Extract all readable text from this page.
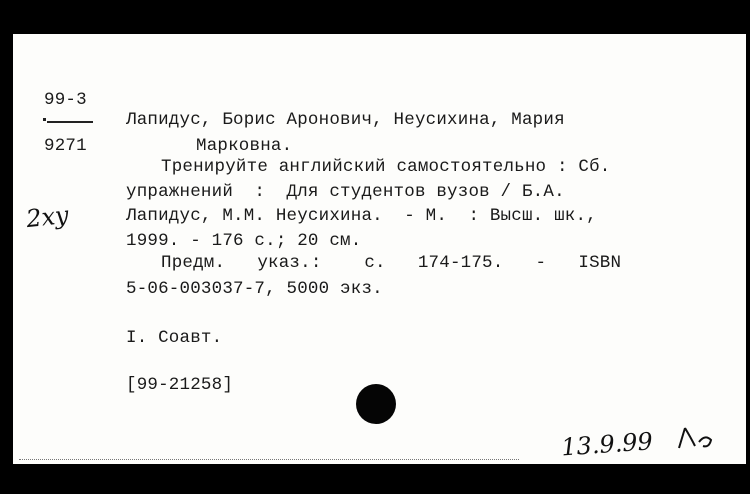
99-3

9271

2ху

Лапидус, Борис Аронович, Неусихина, Мария

Марковна.

Тренируйте английский самостоятельно : Сб.

упражнений  :  Для студентов вузов / Б.А.

Лапидус, М.М. Неусихина.  - М.  : Высш. шк.,

1999. - 176 с.; 20 см.

Предм.   указ.:    с.   174-175.   -   ISBN

5-06-003037-7, 5000 экз.

I. Соавт.

[99-21258]

13.9.99
